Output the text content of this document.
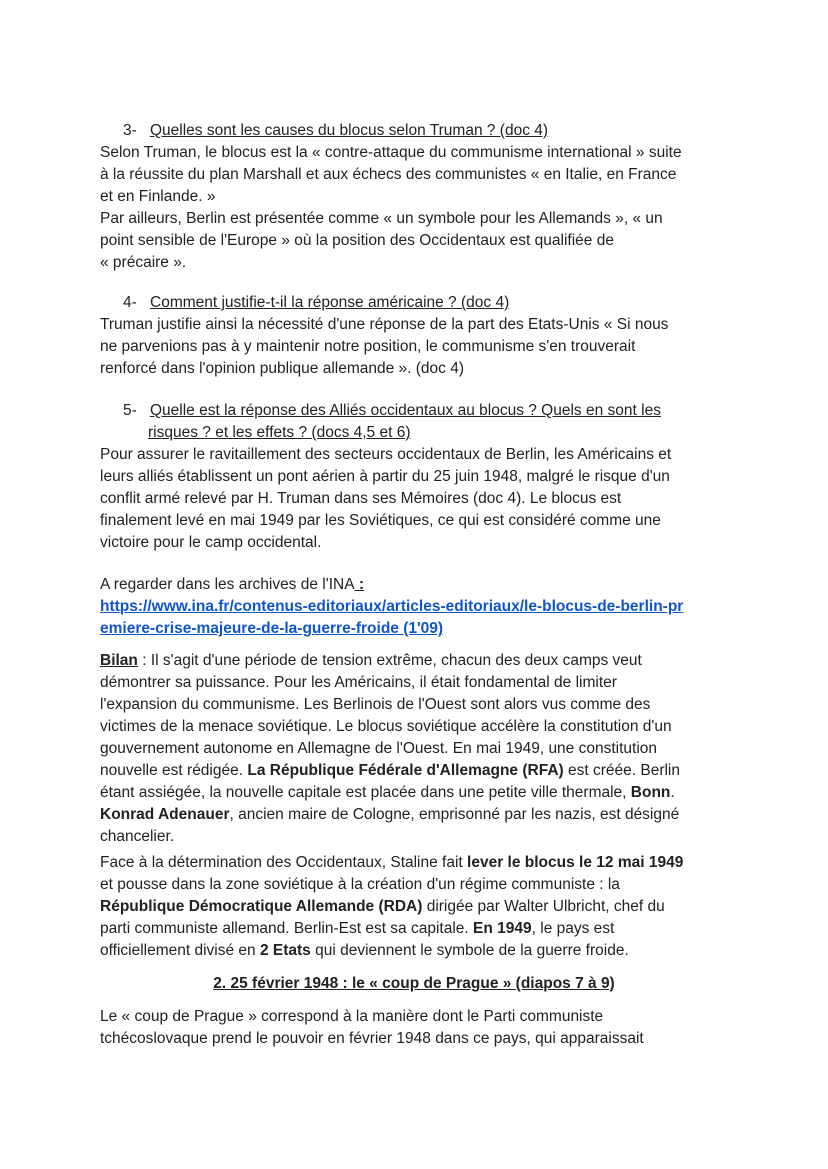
3- Quelles sont les causes du blocus selon Truman ? (doc 4)
Selon Truman, le blocus est la « contre-attaque du communisme international » suite
à la réussite du plan Marshall et aux échecs des communistes « en Italie, en France
et en Finlande. »
Par ailleurs, Berlin est présentée comme « un symbole pour les Allemands », « un
point sensible de l'Europe » où la position des Occidentaux est qualifiée de
« précaire ».
4- Comment justifie-t-il la réponse américaine ? (doc 4)
Truman justifie ainsi la nécessité d'une réponse de la part des Etats-Unis « Si nous
ne parvenions pas à y maintenir notre position, le communisme s'en trouverait
renforcé dans l'opinion publique allemande ». (doc 4)
5- Quelle est la réponse des Alliés occidentaux au blocus ? Quels en sont les
risques ? et les effets ? (docs 4,5 et 6)
Pour assurer le ravitaillement des secteurs occidentaux de Berlin, les Américains et
leurs alliés établissent un pont aérien à partir du 25 juin 1948, malgré le risque d'un
conflit armé relevé par H. Truman dans ses Mémoires (doc 4). Le blocus est
finalement levé en mai 1949 par les Soviétiques, ce qui est considéré comme une
victoire pour le camp occidental.
A regarder dans les archives de l'INA :
https://www.ina.fr/contenus-editoriaux/articles-editoriaux/le-blocus-de-berlin-pr
emiere-crise-majeure-de-la-guerre-froide (1'09)
Bilan : Il s'agit d'une période de tension extrême, chacun des deux camps veut
démontrer sa puissance. Pour les Américains, il était fondamental de limiter
l'expansion du communisme. Les Berlinois de l'Ouest sont alors vus comme des
victimes de la menace soviétique. Le blocus soviétique accélère la constitution d'un
gouvernement autonome en Allemagne de l'Ouest. En mai 1949, une constitution
nouvelle est rédigée. La République Fédérale d'Allemagne (RFA) est créée. Berlin
étant assiégée, la nouvelle capitale est placée dans une petite ville thermale, Bonn.
Konrad Adenauer, ancien maire de Cologne, emprisonné par les nazis, est désigné
chancelier.
Face à la détermination des Occidentaux, Staline fait lever le blocus le 12 mai 1949
et pousse dans la zone soviétique à la création d'un régime communiste : la
République Démocratique Allemande (RDA) dirigée par Walter Ulbricht, chef du
parti communiste allemand. Berlin-Est est sa capitale. En 1949, le pays est
officiellement divisé en 2 Etats qui deviennent le symbole de la guerre froide.
2. 25 février 1948 : le « coup de Prague » (diapos 7 à 9)
Le « coup de Prague » correspond à la manière dont le Parti communiste
tchécoslovaque prend le pouvoir en février 1948 dans ce pays, qui apparaissait
